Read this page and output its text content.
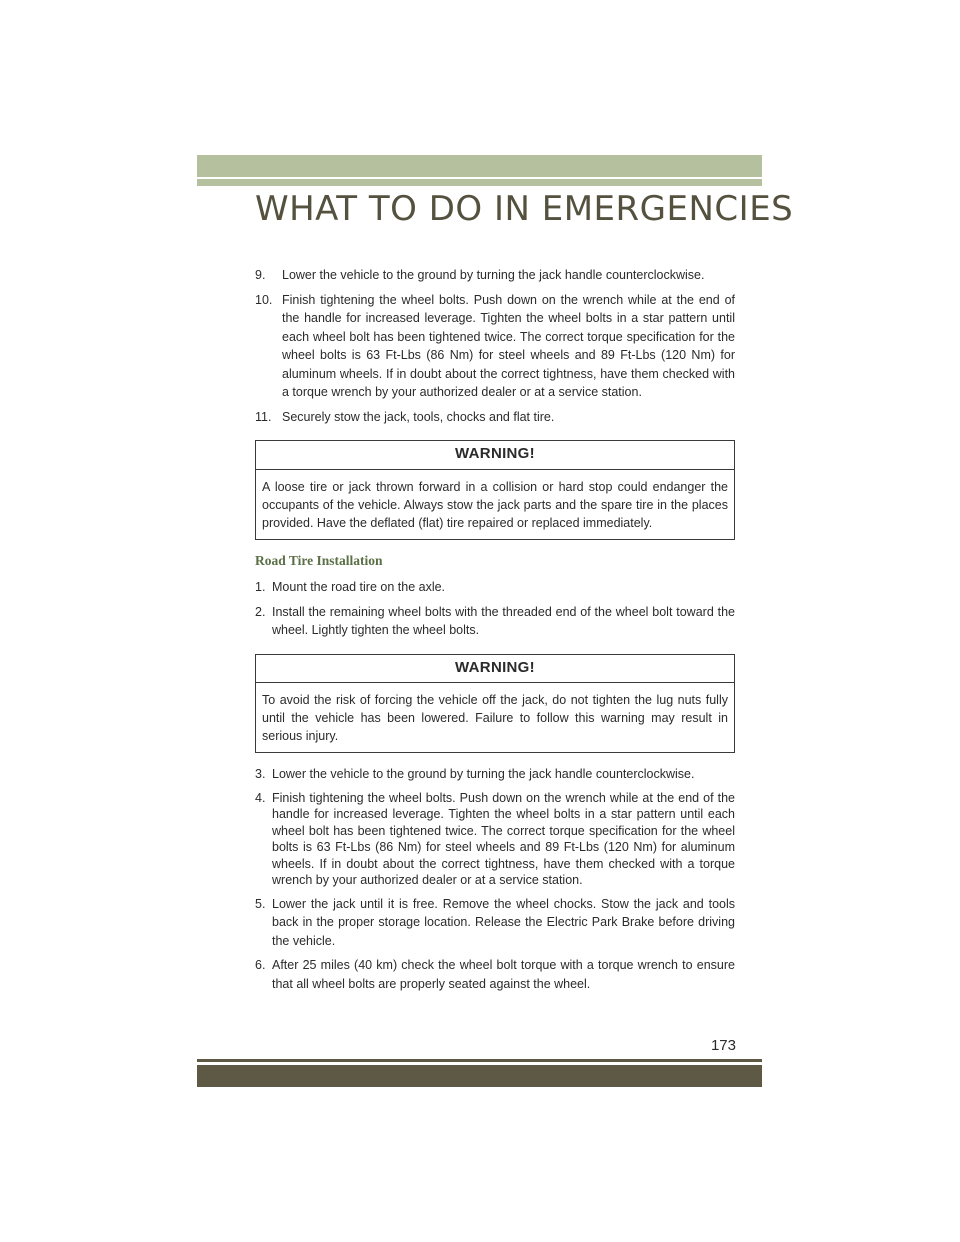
WHAT TO DO IN EMERGENCIES
9.	Lower the vehicle to the ground by turning the jack handle counterclockwise.
10. Finish tightening the wheel bolts. Push down on the wrench while at the end of the handle for increased leverage. Tighten the wheel bolts in a star pattern until each wheel bolt has been tightened twice. The correct torque specification for the wheel bolts is 63 Ft-Lbs (86 Nm) for steel wheels and 89 Ft-Lbs (120 Nm) for aluminum wheels. If in doubt about the correct tightness, have them checked with a torque wrench by your authorized dealer or at a service station.
11. Securely stow the jack, tools, chocks and flat tire.
WARNING!
A loose tire or jack thrown forward in a collision or hard stop could endanger the occupants of the vehicle. Always stow the jack parts and the spare tire in the places provided. Have the deflated (flat) tire repaired or replaced immediately.
Road Tire Installation
1. Mount the road tire on the axle.
2. Install the remaining wheel bolts with the threaded end of the wheel bolt toward the wheel. Lightly tighten the wheel bolts.
WARNING!
To avoid the risk of forcing the vehicle off the jack, do not tighten the lug nuts fully until the vehicle has been lowered. Failure to follow this warning may result in serious injury.
3. Lower the vehicle to the ground by turning the jack handle counterclockwise.
4. Finish tightening the wheel bolts. Push down on the wrench while at the end of the handle for increased leverage. Tighten the wheel bolts in a star pattern until each wheel bolt has been tightened twice. The correct torque specification for the wheel bolts is 63 Ft-Lbs (86 Nm) for steel wheels and 89 Ft-Lbs (120 Nm) for aluminum wheels. If in doubt about the correct tightness, have them checked with a torque wrench by your authorized dealer or at a service station.
5. Lower the jack until it is free. Remove the wheel chocks. Stow the jack and tools back in the proper storage location. Release the Electric Park Brake before driving the vehicle.
6. After 25 miles (40 km) check the wheel bolt torque with a torque wrench to ensure that all wheel bolts are properly seated against the wheel.
173
